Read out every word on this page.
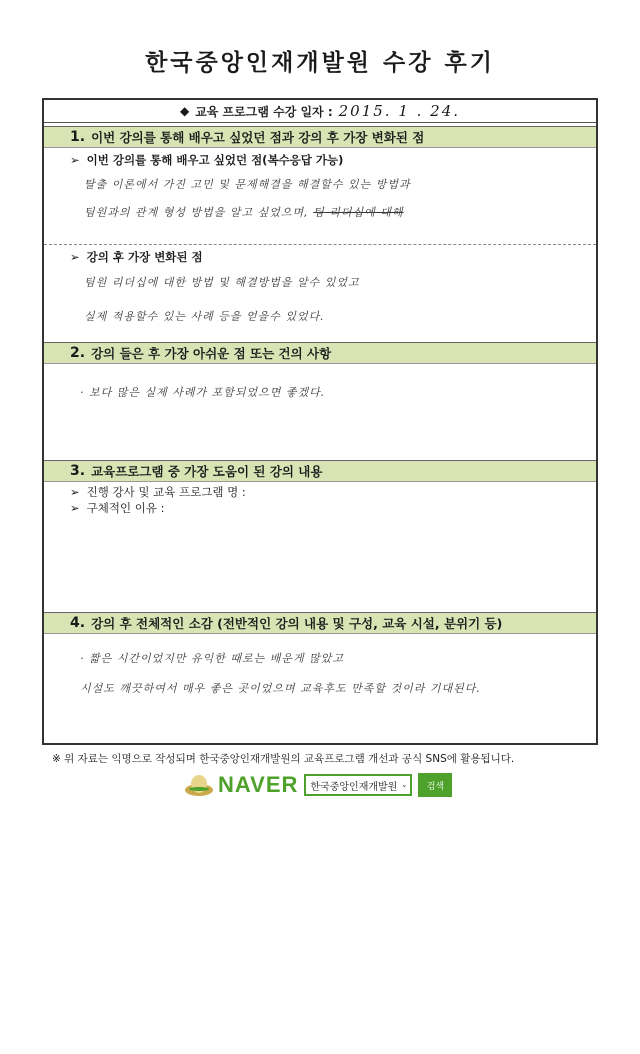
한국중앙인재개발원 수강 후기
◆ 교육 프로그램 수강 일자 : 2015. 1 . 24.
1. 이번 강의를 통해 배우고 싶었던 점과 강의 후 가장 변화된 점
➢ 이번 강의를 통해 배우고 싶었던 점(복수응답 가능)
탈출 이론에서 가진 고민 및 문제해결을 해결할수 있는 방법과
팀원과의 관계 형성 방법을 알고 싶었으며, 팀 리더십에 대해
➢ 강의 후 가장 변화된 점
팀원 리더십에 대한 방법 및 해결방법을 알수 있었고
실제 적용할수 있는 사례 등을 얻을수 있었다.
2. 강의 들은 후 가장 아쉬운 점 또는 건의 사항
· 보다 많은 실제 사례가 포함되었으면 좋겠다.
3. 교육프로그램 중 가장 도움이 된 강의 내용
➢ 진행 강사 및 교육 프로그램 명 :
➢ 구체적인 이유 :
4. 강의 후 전체적인 소감 (전반적인 강의 내용 및 구성, 교육 시설, 분위기 등)
· 짧은 시간이었지만 유익한 때로는 배운게 많았고
시설도 깨끗하여서 매우 좋은 곳이었으며 교육후도 만족할 것이라 기대된다.
※ 위 자료는 익명으로 작성되며 한국중앙인재개발원의 교육프로그램 개선과 공식 SNS에 활용됩니다.
NAVER 한국중앙인재개발원 ⌄	검색
